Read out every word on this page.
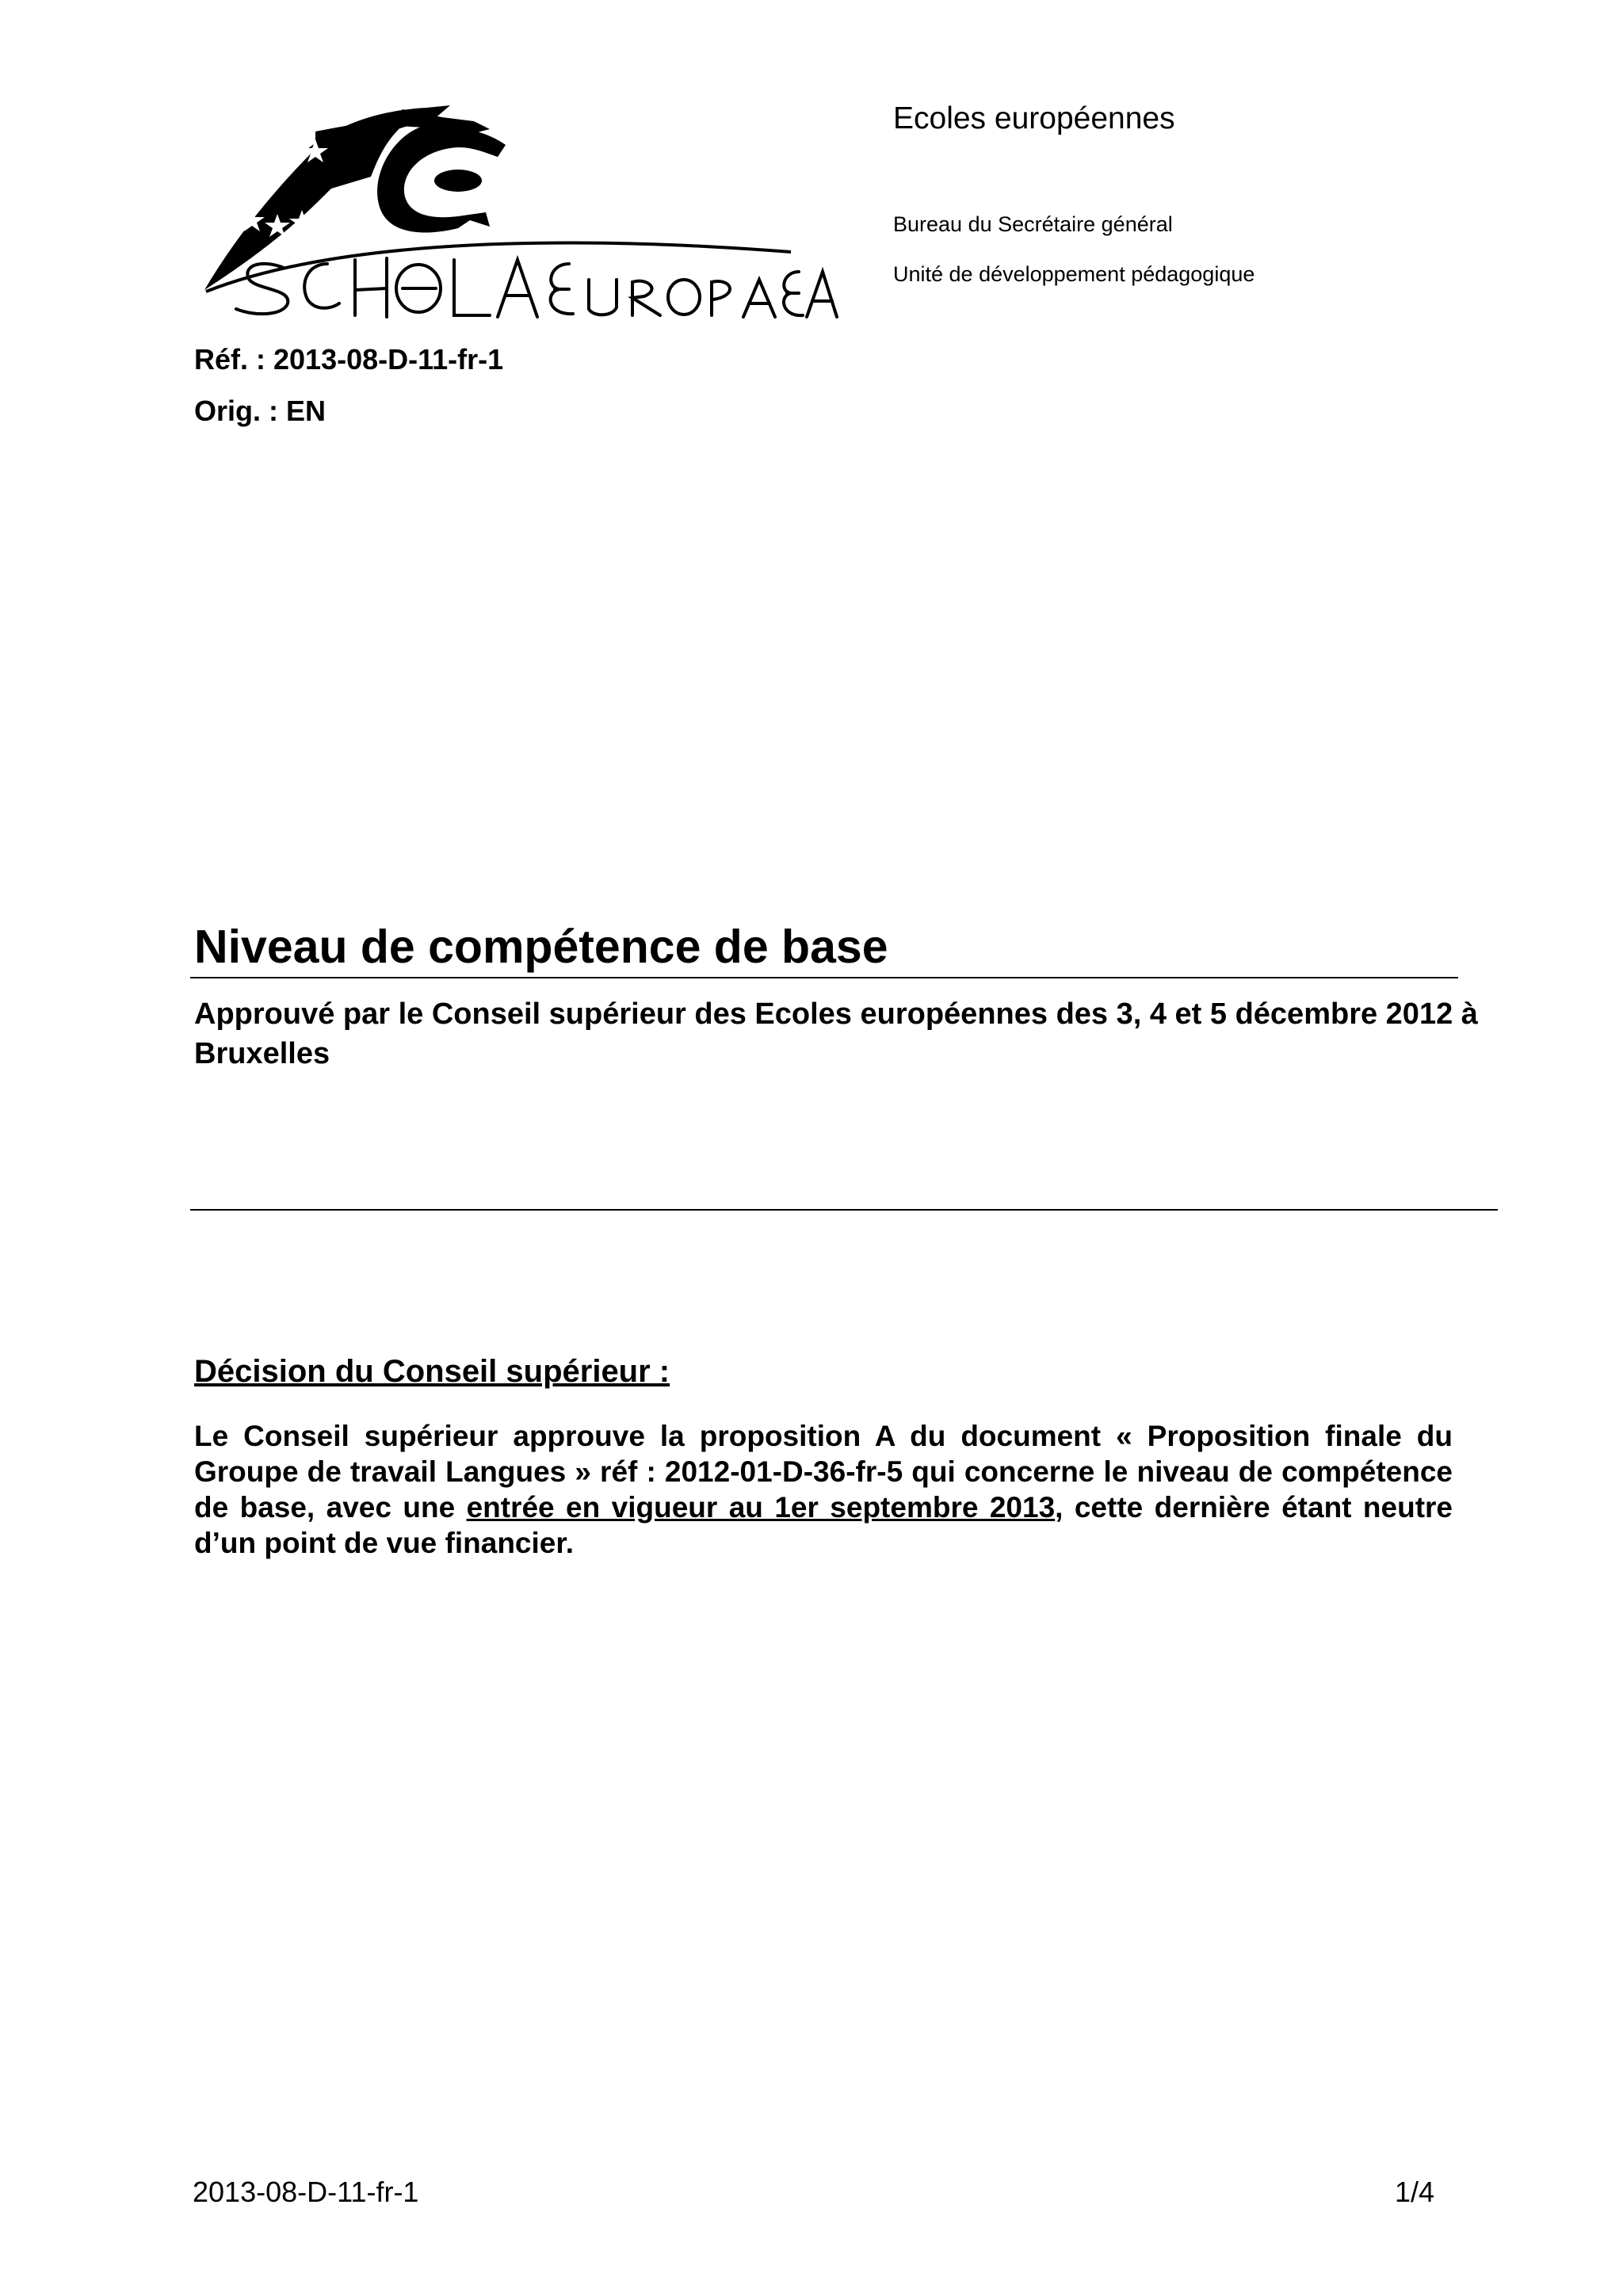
Ecoles européennes
Bureau du Secrétaire général
Unité de développement pédagogique
Réf. : 2013-08-D-11-fr-1
Orig. : EN
Niveau de compétence de base
Approuvé par le Conseil supérieur des Ecoles européennes des 3, 4 et 5 décembre 2012 à Bruxelles
Décision du Conseil supérieur :
Le Conseil supérieur approuve la proposition A du document « Proposition finale du Groupe de travail Langues » réf : 2012-01-D-36-fr-5 qui concerne le niveau de compétence de base, avec une entrée en vigueur au 1er septembre 2013, cette dernière étant neutre d’un point de vue financier.
2013-08-D-11-fr-1	1/4
